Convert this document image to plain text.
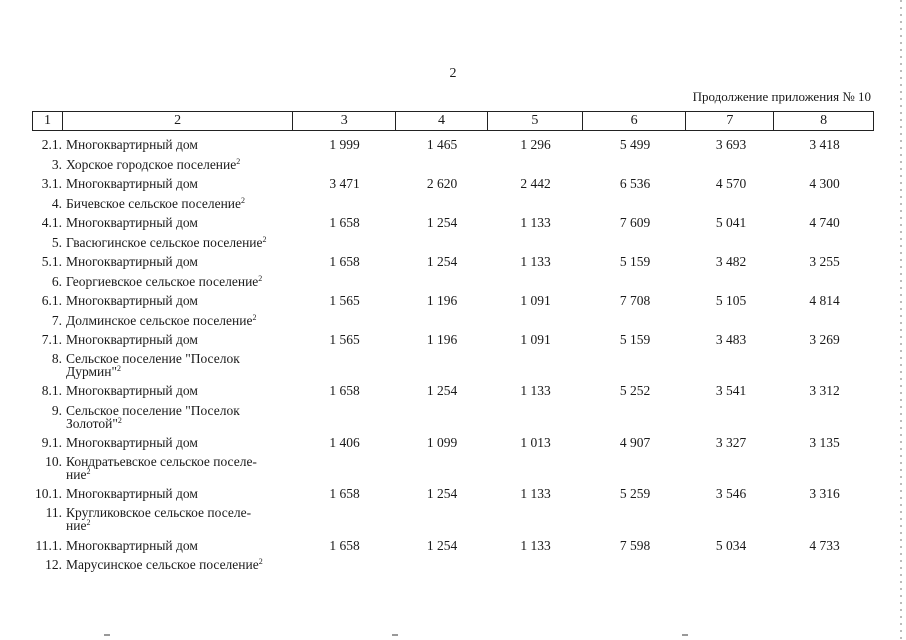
2
Продолжение приложения № 10
1	2	3	4	5	6	7	8
2.1. Многоквартирный дом	1 999	1 465	1 296	5 499	3 693	3 418
3. Хорское городское поселение$^2$
3.1. Многоквартирный дом	3 471	2 620	2 442	6 536	4 570	4 300
4. Бичевское сельское поселение$^2$
4.1. Многоквартирный дом	1 658	1 254	1 133	7 609	5 041	4 740
5. Гвасюгинское сельское поселение$^2$
5.1. Многоквартирный дом	1 658	1 254	1 133	5 159	3 482	3 255
6. Георгиевское сельское поселение$^2$
6.1. Многоквартирный дом	1 565	1 196	1 091	7 708	5 105	4 814
7. Долминское сельское поселение$^2$
7.1. Многоквартирный дом	1 565	1 196	1 091	5 159	3 483	3 269
8. Сельское поселение "Поселок
Дурмин"$^2$
8.1. Многоквартирный дом	1 658	1 254	1 133	5 252	3 541	3 312
9. Сельское поселение "Поселок
Золотой"$^2$
9.1. Многоквартирный дом	1 406	1 099	1 013	4 907	3 327	3 135
10. Кондратьевское сельское поселе-
ние$^2$
10.1. Многоквартирный дом	1 658	1 254	1 133	5 259	3 546	3 316
11. Кругликовское сельское поселе-
ние$^2$
11.1. Многоквартирный дом	1 658	1 254	1 133	7 598	5 034	4 733
12. Марусинское сельское поселение$^2$
